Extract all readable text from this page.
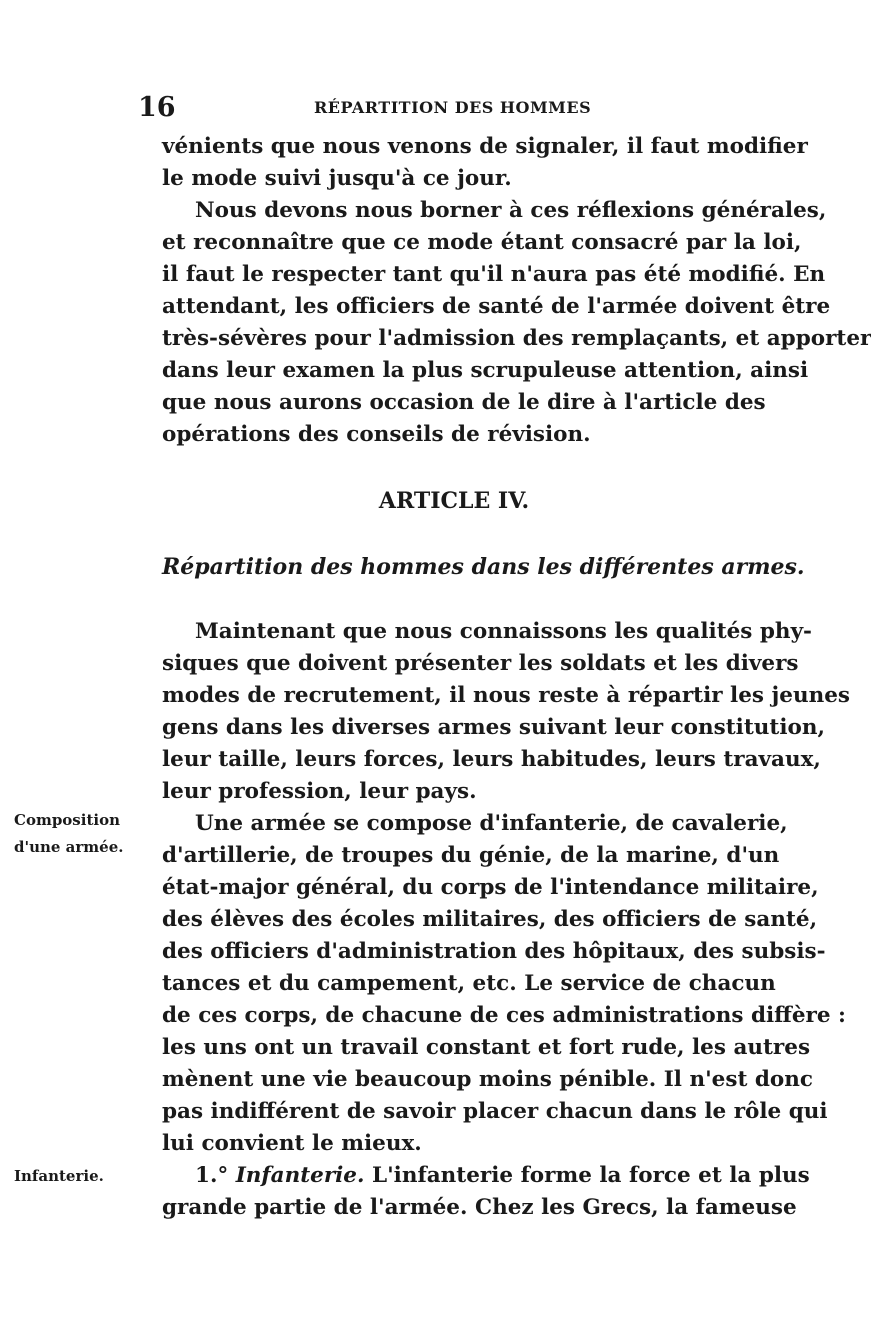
16	RÉPARTITION DES HOMMES
vénients que nous venons de signaler, il faut modifier
le mode suivi jusqu'à ce jour.
Nous devons nous borner à ces réflexions générales,
et reconnaître que ce mode étant consacré par la loi,
il faut le respecter tant qu'il n'aura pas été modifié. En
attendant, les officiers de santé de l'armée doivent être
très-sévères pour l'admission des remplaçants, et apporter
dans leur examen la plus scrupuleuse attention, ainsi
que nous aurons occasion de le dire à l'article des
opérations des conseils de révision.
ARTICLE IV.
Répartition des hommes dans les différentes armes.
Maintenant que nous connaissons les qualités phy-
siques que doivent présenter les soldats et les divers
modes de recrutement, il nous reste à répartir les jeunes
gens dans les diverses armes suivant leur constitution,
leur taille, leurs forces, leurs habitudes, leurs travaux,
leur profession, leur pays.
Composition
d'une armée.
Une armée se compose d'infanterie, de cavalerie,
d'artillerie, de troupes du génie, de la marine, d'un
état-major général, du corps de l'intendance militaire,
des élèves des écoles militaires, des officiers de santé,
des officiers d'administration des hôpitaux, des subsis-
tances et du campement, etc. Le service de chacun
de ces corps, de chacune de ces administrations diffère :
les uns ont un travail constant et fort rude, les autres
mènent une vie beaucoup moins pénible. Il n'est donc
pas indifférent de savoir placer chacun dans le rôle qui
lui convient le mieux.
Infanterie.	1.° Infanterie. L'infanterie forme la force et la plus
grande partie de l'armée. Chez les Grecs, la fameuse
